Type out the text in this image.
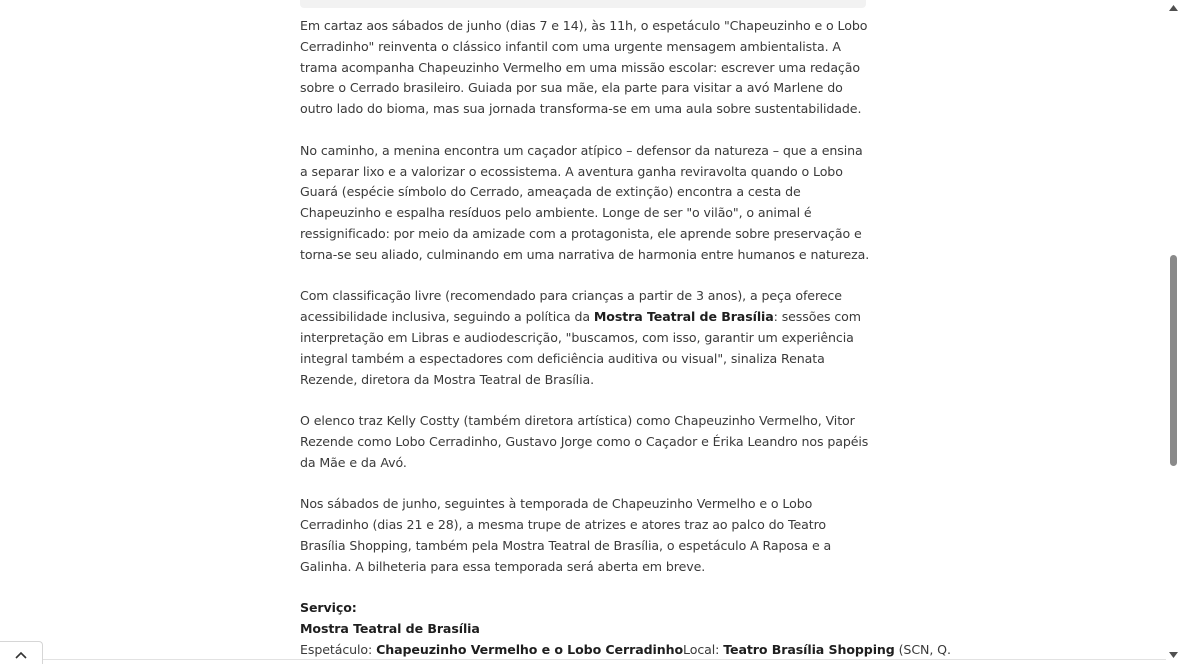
Em cartaz aos sábados de junho (dias 7 e 14), às 11h, o espetáculo "Chapeuzinho e o Lobo Cerradinho" reinventa o clássico infantil com uma urgente mensagem ambientalista. A trama acompanha Chapeuzinho Vermelho em uma missão escolar: escrever uma redação sobre o Cerrado brasileiro. Guiada por sua mãe, ela parte para visitar a avó Marlene do outro lado do bioma, mas sua jornada transforma-se em uma aula sobre sustentabilidade.

No caminho, a menina encontra um caçador atípico – defensor da natureza – que a ensina a separar lixo e a valorizar o ecossistema. A aventura ganha reviravolta quando o Lobo Guará (espécie símbolo do Cerrado, ameaçada de extinção) encontra a cesta de Chapeuzinho e espalha resíduos pelo ambiente. Longe de ser "o vilão", o animal é ressignificado: por meio da amizade com a protagonista, ele aprende sobre preservação e torna-se seu aliado, culminando em uma narrativa de harmonia entre humanos e natureza.

Com classificação livre (recomendado para crianças a partir de 3 anos), a peça oferece acessibilidade inclusiva, seguindo a política da Mostra Teatral de Brasília: sessões com interpretação em Libras e audiodescrição, "buscamos, com isso, garantir um experiência integral também a espectadores com deficiência auditiva ou visual", sinaliza Renata Rezende, diretora da Mostra Teatral de Brasília.

O elenco traz Kelly Costty (também diretora artística) como Chapeuzinho Vermelho, Vitor Rezende como Lobo Cerradinho, Gustavo Jorge como o Caçador e Érika Leandro nos papéis da Mãe e da Avó.

Nos sábados de junho, seguintes à temporada de Chapeuzinho Vermelho e o Lobo Cerradinho (dias 21 e 28), a mesma trupe de atrizes e atores traz ao palco do Teatro Brasília Shopping, também pela Mostra Teatral de Brasília, o espetáculo A Raposa e a Galinha. A bilheteria para essa temporada será aberta em breve.

Serviço:
Mostra Teatral de Brasília
Espetáculo: Chapeuzinho Vermelho e o Lobo CerradinhoLocal: Teatro Brasília Shopping (SCN, Q.
